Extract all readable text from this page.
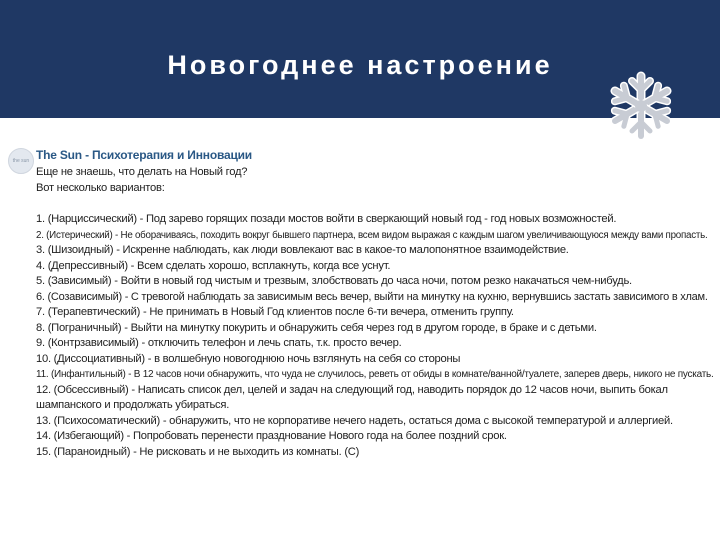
Новогоднее настроение
the sun The Sun - Психотерапия и Инновации
Еще не знаешь, что делать на Новый год?
Вот несколько вариантов:
1. (Нарциссический) - Под заревo горящих позади мостов войти в сверкающий новый год - год новых возможностей.
2. (Истерический) - Не оборачиваясь, походить вокруг бывшего партнера, всем видом выражая с каждым шагом увеличивающуюся между вами пропасть.
3. (Шизоидный) - Искренне наблюдать, как люди вовлекают вас в какое-то малопонятное взаимодействие.
4. (Депрессивный) - Всем сделать хорошо, всплакнуть, когда все уснут.
5. (Зависимый) - Войти в новый год чистым и трезвым, злобствовать до часа ночи, потом резко накачаться чем-нибудь.
6. (Созависимый) - С тревогой наблюдать за зависимым весь вечер, выйти на минутку на кухню, вернувшись застать зависимого в хлам.
7. (Терапевтический) - Не принимать в Новый Год клиентов после 6-ти вечера, отменить группу.
8. (Пограничный) - Выйти на минутку покурить и обнаружить себя через год в другом городе, в браке и с детьми.
9. (Контрзависимый) - отключить телефон и лечь спать, т.к. просто вечер.
10. (Диссоциативный) - в волшебную новогоднюю ночь взглянуть на себя со стороны
11. (Инфантильный) - В 12 часов ночи обнаружить, что чуда не случилось, реветь от обиды в комнате/ванной/туалете, заперев дверь, никого не пускать.
12. (Обсессивный) - Написать список дел, целей и задач на следующий год, наводить порядок до 12 часов ночи, выпить бокал шампанского и продолжать убираться.
13. (Психосоматический) - обнаружить, что не корпоративе нечего надеть, остаться дома с высокой температурой и аллергией.
14. (Избегающий) - Попробовать перенести празднование Нового года на более поздний срок.
15. (Параноидный) - Не рисковать и не выходить из комнаты. (С)
